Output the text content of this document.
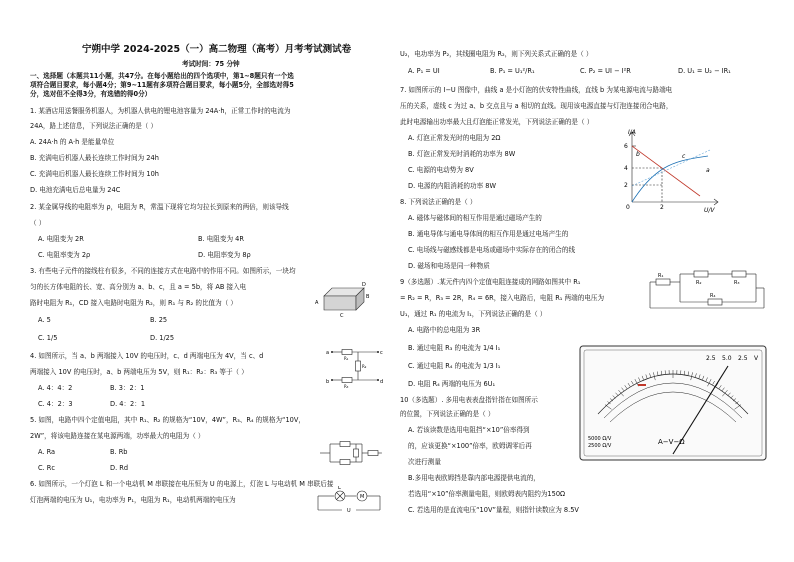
宁朔中学 2024-2025（一）高二物理（高考）月考考试测试卷
考试时间：75 分钟
一、选择题（本题共11小题，共47分。在每小题给出的四个选项中，第1~8题只有一个选
项符合题目要求，每小题4分；第9~11题有多项符合题目要求，每小题5分，全部选对得5
分，选对但不全得3分，有选错的得0分）
1. 某酒店用送餐服务机器人，为机器人供电的锂电池容量为 24A·h，正常工作时的电流为
24A，路上述信息，下列说法正确的是（ ）
A. 24A·h 的 A·h 是能量单位
B. 充满电后机器人最长连续工作时间为 24h
C. 充满电后机器人最长连续工作时间为 10h
D. 电池充满电后总电量为 24C
2. 某金属导线的电阻率为 ρ，电阻为 R，常温下现将它均匀拉长到原来的两倍，则该导线
（ ）
A. 电阻变为 2R	B. 电阻变为 4R
C. 电阻率变为 2ρ	D. 电阻率变为 8ρ
3. 有些电子元件的接线柱有很多，不同的连接方式在电路中的作用不同。如图所示，一块均
匀的长方体电阻的长、宽、高分别为 a、b、c，且 a = 5b，将 AB 接入电
路时电阻为 R₁，CD 接入电路时电阻为 R₂，则 R₁ 与 R₂ 的比值为（ ）
A. 5	B. 25
C. 1/5	D. 1/25
A
B
D
C
4. 如图所示，当 a、b 两端接入 10V 的电压时，c、d 两端电压为 4V，当 c、d
两端接入 10V 的电压时，a、b 两端电压为 5V，则 R₁：R₂：R₃ 等于（ ）
A. 4：4：2	B. 3：2：1
C. 4：2：3	D. 4：2：1
a
b
c
d
R₁
R₂
R₃
5. 如图，电路中四个定值电阻，其中 R₁、R₂ 的规格为“10V，4W”，R₃、R₄ 的规格为“10V，
2W”，将该电路连接在某电源两端，功率最大的电阻为（ ）
A. Ra	B. Rb
C. Rc	D. Rd
6. 如图所示，一个灯泡 L 和一个电动机 M 串联接在电压恒为 U 的电源上，灯泡 L 与电动机 M 串联后接
灯泡两端的电压为 U₁，电功率为 P₁，电阻为 R₁，电动机两端的电压为	M
L
U
U₂，电功率为 P₂，其线圈电阻为 R₂，则下列关系式正确的是（ ）
A. P₁ = UI	B. P₁ = U₁²/R₁	C. P₂ = UI − I²R	D. U₁ = U₂ − IR₁
7. 如图所示的 I−U 图像中，曲线 a 是小灯泡的伏安特性曲线，直线 b 为某电源电流与路端电
压的关系，虚线 c 为过 a、b 交点且与 a 相切的直线。现用该电源直接与灯泡连接闭合电路，
此时电源输出功率最大且灯泡能正常发光，下列说法正确的是（ ）
A. 灯泡正常发光时的电阻为 2Ω
B. 灯泡正常发光时消耗的功率为 8W
C. 电源的电动势为 8V
D. 电源的内阻消耗的功率 8W
I/A
U/V
6
4
2
0	2
a
b	c
8. 下列说法正确的是（ ）
A. 磁体与磁体间的相互作用是通过磁场产生的
B. 通电导体与通电导体间的相互作用是通过电场产生的
C. 电场线与磁感线都是电场或磁场中实际存在的闭合的线
D. 磁场和电场是同一种物质
9（多选题）.某元件内四个定值电阻连接成的网路如图其中 R₁
= R₂ = R，R₃ = 2R，R₄ = 6R，接入电路后，电阻 R₁ 两端的电压为
U₁，通过 R₁ 的电流为 I₁，下列说法正确的是（ ）
A. 电路中的总电阻为 3R
B. 通过电阻 R₃ 的电流为 1/4 I₁
C. 通过电阻 R₄ 的电流为 1/3 I₁
D. 电阻 R₄ 两端的电压为 6U₁
R₁
R₂	R₃
R₄
10（多选题）. 多用电表表盘指针指在如图所示
的位置，下列说法正确的是（ ）
A. 若该读数是选用电阻挡“×10”倍率得到
的，应该更换“×100”倍率，欧姆调零后再
次进行测量
B.多用电表欧姆挡是靠内部电源提供电流的，
若选用“×10”倍率测量电阻，则欧姆表内阻约为150Ω
C. 若选用的是直流电压“10V”量程，则指针读数应为 8.5V
2.5 5.0 2.5 V
5000 Ω/V
2500 Ω/V	A−V−Ω
